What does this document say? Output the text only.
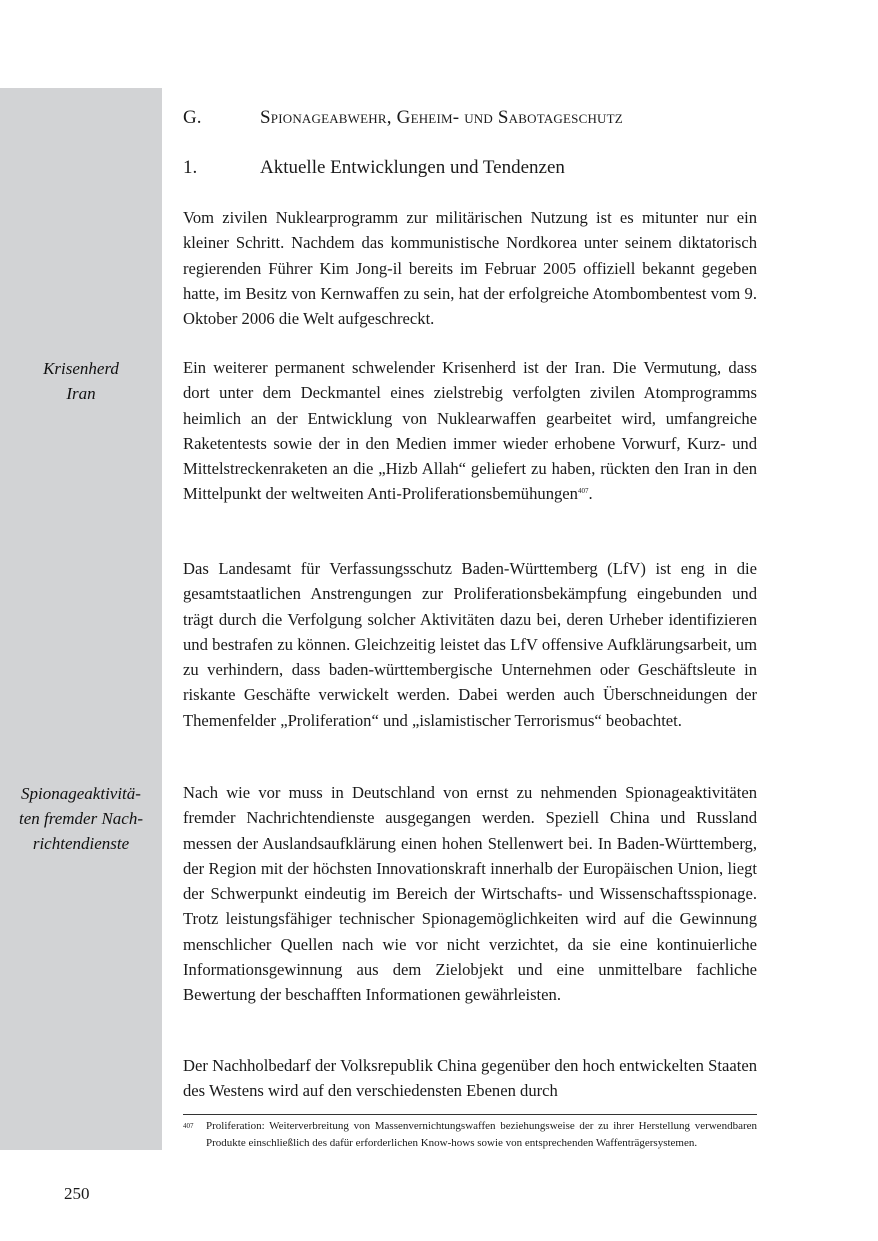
Krisenherd
Iran
Spionageaktivitä-
ten fremder Nach-
richtendienste
G.	Spionageabwehr, Geheim- und Sabotageschutz
1.	Aktuelle Entwicklungen und Tendenzen

Vom zivilen Nuklearprogramm zur militärischen Nutzung ist es mitunter nur ein kleiner Schritt. Nachdem das kommunistische Nordkorea unter seinem diktatorisch regierenden Führer Kim Jong-il bereits im Februar 2005 offiziell bekannt gegeben hatte, im Besitz von Kernwaffen zu sein, hat der erfolgreiche Atombombentest vom 9. Oktober 2006 die Welt aufgeschreckt.

Ein weiterer permanent schwelender Krisenherd ist der Iran. Die Vermutung, dass dort unter dem Deckmantel eines zielstrebig verfolgten zivilen Atomprogramms heimlich an der Entwicklung von Nuklearwaffen gearbeitet wird, umfangreiche Raketentests sowie der in den Medien immer wieder erhobene Vorwurf, Kurz- und Mittelstreckenraketen an die „Hizb Allah“ geliefert zu haben, rückten den Iran in den Mittelpunkt der weltweiten Anti-Proliferationsbemühungen$^{407}$.

Das Landesamt für Verfassungsschutz Baden-Württemberg (LfV) ist eng in die gesamtstaatlichen Anstrengungen zur Proliferationsbekämpfung eingebunden und trägt durch die Verfolgung solcher Aktivitäten dazu bei, deren Urheber identifizieren und bestrafen zu können. Gleichzeitig leistet das LfV offensive Aufklärungsarbeit, um zu verhindern, dass baden-württembergische Unternehmen oder Geschäftsleute in riskante Geschäfte verwickelt werden. Dabei werden auch Überschneidungen der Themenfelder „Proliferation“ und „islamistischer Terrorismus“ beobachtet.

Nach wie vor muss in Deutschland von ernst zu nehmenden Spionageaktivitäten fremder Nachrichtendienste ausgegangen werden. Speziell China und Russland messen der Auslandsaufklärung einen hohen Stellenwert bei. In Baden-Württemberg, der Region mit der höchsten Innovationskraft innerhalb der Europäischen Union, liegt der Schwerpunkt eindeutig im Bereich der Wirtschafts- und Wissenschaftsspionage. Trotz leistungsfähiger technischer Spionagemöglichkeiten wird auf die Gewinnung menschlicher Quellen nach wie vor nicht verzichtet, da sie eine kontinuierliche Informationsgewinnung aus dem Zielobjekt und eine unmittelbare fachliche Bewertung der beschafften Informationen gewährleisten.

Der Nachholbedarf der Volksrepublik China gegenüber den hoch entwickelten Staaten des Westens wird auf den verschiedensten Ebenen durch

407	Proliferation: Weiterverbreitung von Massenvernichtungswaffen beziehungsweise der zu ihrer Herstellung verwendbaren Produkte einschließlich des dafür erforderlichen Know-hows sowie von entsprechenden Waffenträgersystemen.
250
